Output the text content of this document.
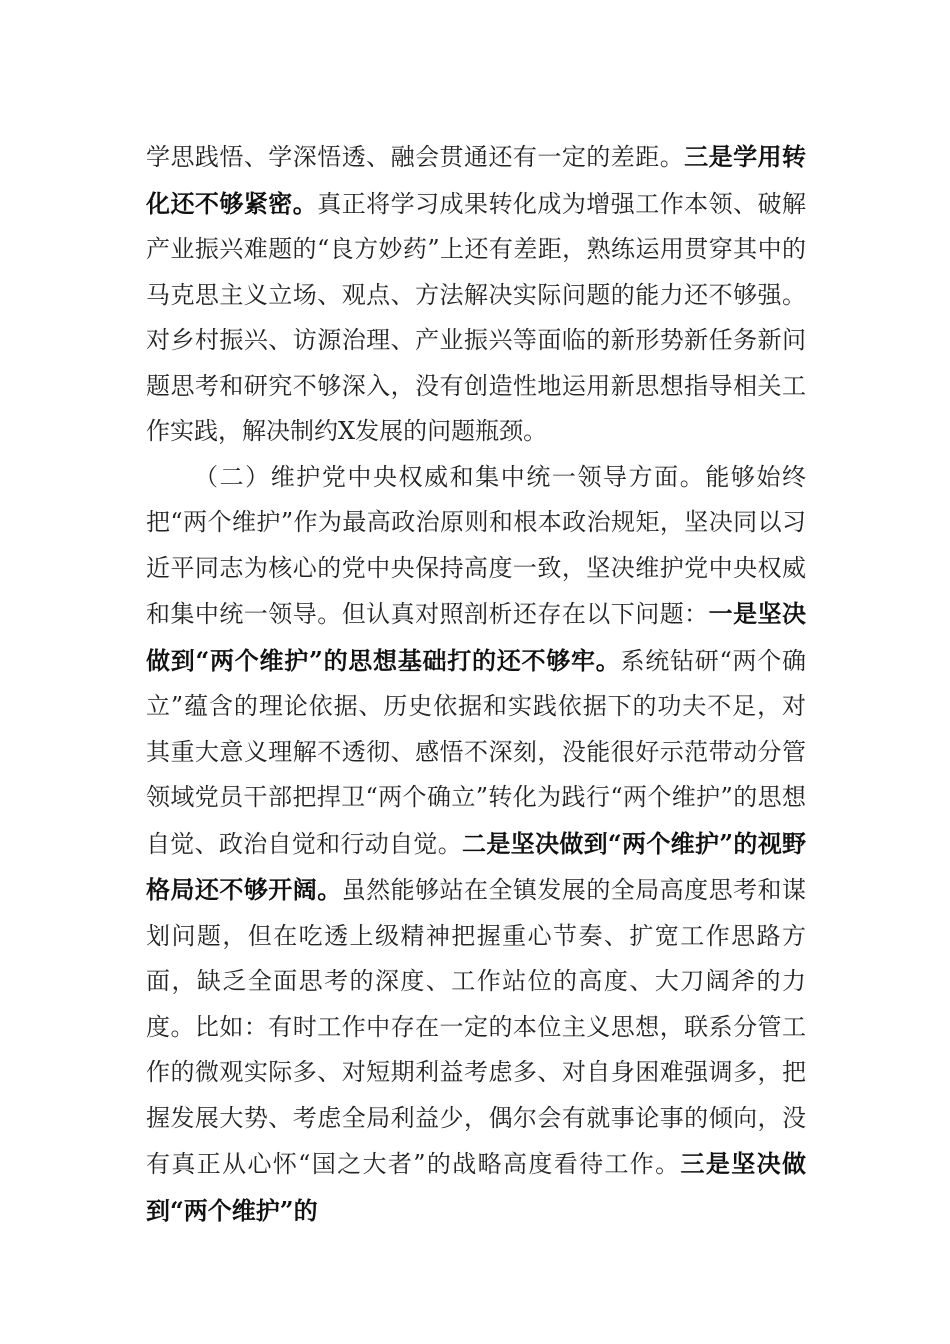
学思践悟、学深悟透、融会贯通还有一定的差距。三是学用转化还不够紧密。真正将学习成果转化成为增强工作本领、破解产业振兴难题的“良方妙药”上还有差距，熟练运用贯穿其中的马克思主义立场、观点、方法解决实际问题的能力还不够强。对乡村振兴、访源治理、产业振兴等面临的新形势新任务新问题思考和研究不够深入，没有创造性地运用新思想指导相关工作实践，解决制约X发展的问题瓶颈。

（二）维护党中央权威和集中统一领导方面。能够始终把“两个维护”作为最高政治原则和根本政治规矩，坚决同以习近平同志为核心的党中央保持高度一致，坚决维护党中央权威和集中统一领导。但认真对照剖析还存在以下问题：一是坚决做到“两个维护”的思想基础打的还不够牢。系统钻研“两个确立”蕴含的理论依据、历史依据和实践依据下的功夫不足，对其重大意义理解不透彻、感悟不深刻，没能很好示范带动分管领域党员干部把捍卫“两个确立”转化为践行“两个维护”的思想自觉、政治自觉和行动自觉。二是坚决做到“两个维护”的视野格局还不够开阔。虽然能够站在全镇发展的全局高度思考和谋划问题，但在吃透上级精神把握重心节奏、扩宽工作思路方面，缺乏全面思考的深度、工作站位的高度、大刀阔斧的力度。比如：有时工作中存在一定的本位主义思想，联系分管工作的微观实际多、对短期利益考虑多、对自身困难强调多，把握发展大势、考虑全局利益少，偶尔会有就事论事的倾向，没有真正从心怀“国之大者”的战略高度看待工作。三是坚决做到“两个维护”的
